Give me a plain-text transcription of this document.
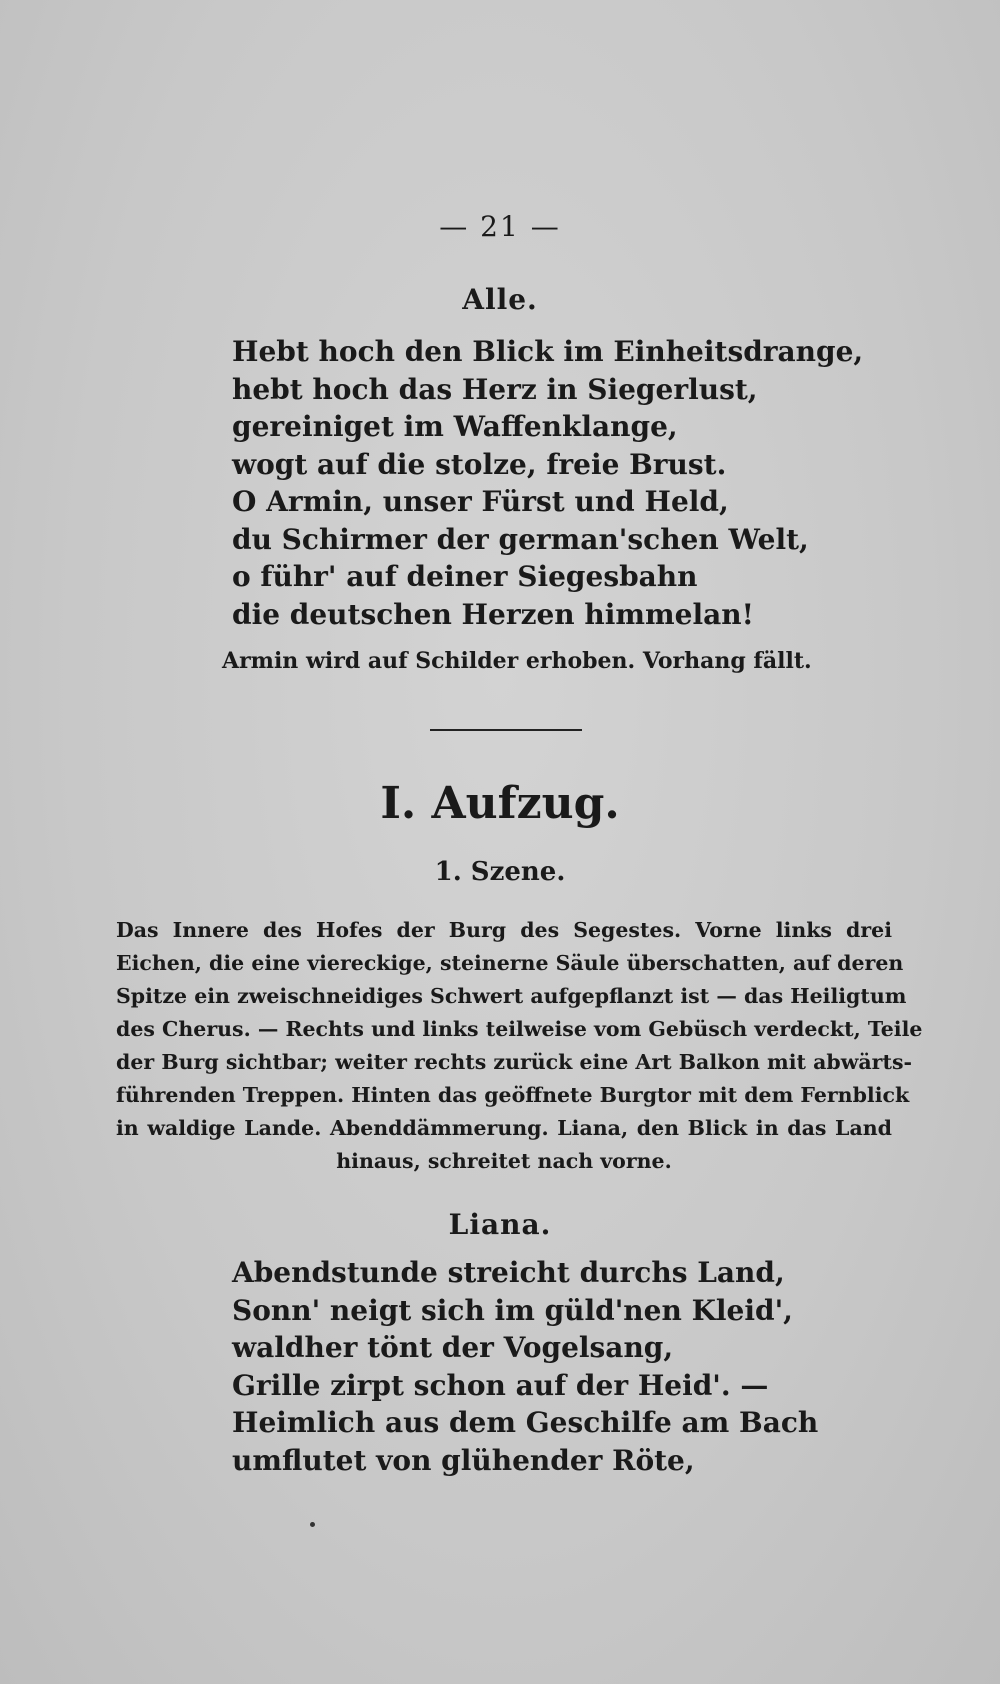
— 21 —
Alle.
Hebt hoch den Blick im Einheitsdrange,
hebt hoch das Herz in Siegerlust,
gereiniget im Waffenklange,
wogt auf die stolze, freie Brust.
O Armin, unser Fürst und Held,
du Schirmer der german'schen Welt,
o führ' auf deiner Siegesbahn
die deutschen Herzen himmelan!
Armin wird auf Schilder erhoben. Vorhang fällt.
I. Aufzug.
1. Szene.
Das Innere des Hofes der Burg des Segestes. Vorne links drei
Eichen, die eine viereckige, steinerne Säule überschatten, auf deren
Spitze ein zweischneidiges Schwert aufgepflanzt ist — das Heiligtum
des Cherus. — Rechts und links teilweise vom Gebüsch verdeckt, Teile
der Burg sichtbar; weiter rechts zurück eine Art Balkon mit abwärts-
führenden Treppen. Hinten das geöffnete Burgtor mit dem Fernblick
in waldige Lande. Abenddämmerung. Liana, den Blick in das Land
hinaus, schreitet nach vorne.
Liana.
Abendstunde streicht durchs Land,
Sonn' neigt sich im güld'nen Kleid',
waldher tönt der Vogelsang,
Grille zirpt schon auf der Heid'. —
Heimlich aus dem Geschilfe am Bach
umflutet von glühender Röte,
